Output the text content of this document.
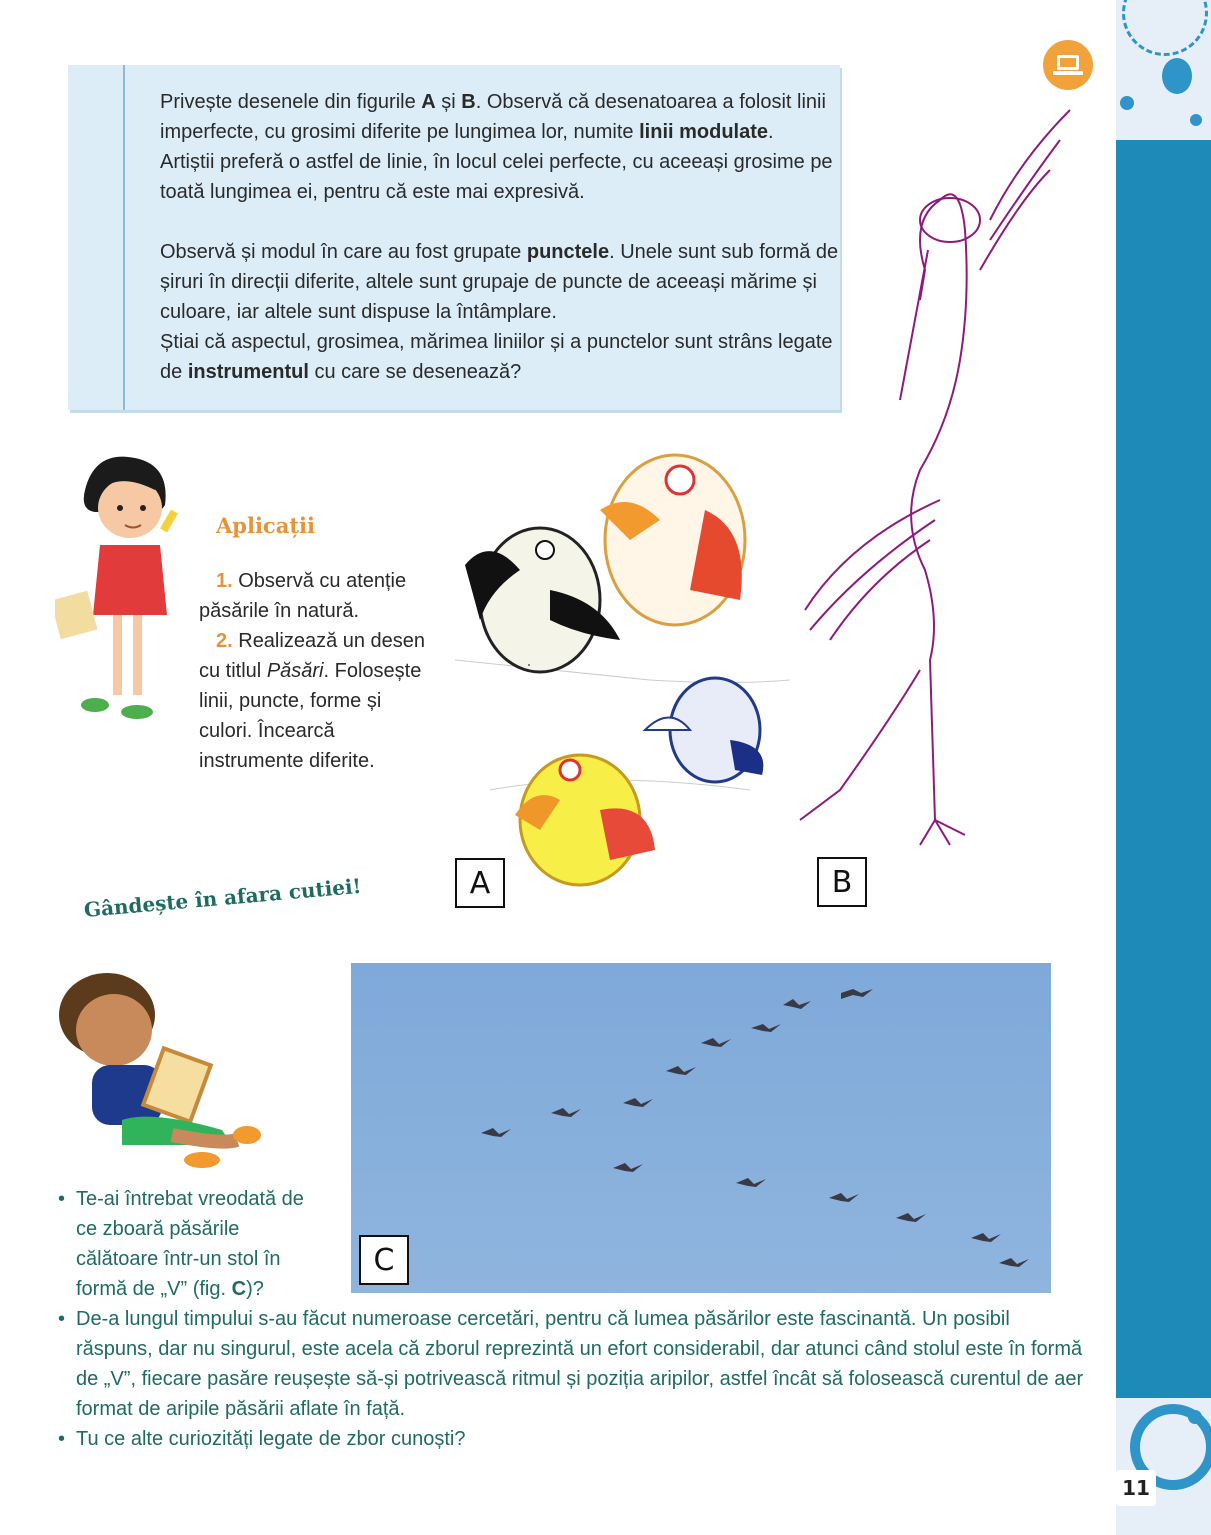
Privește desenele din figurile A și B. Observă că desenatoarea a folosit linii imperfecte, cu grosimi diferite pe lungimea lor, numite linii modulate.

Artiștii preferă o astfel de linie, în locul celei perfecte, cu aceeași grosime pe toată lungimea ei, pentru că este mai expresivă.

Observă și modul în care au fost grupate punctele. Unele sunt sub formă de șiruri în direcții diferite, altele sunt grupaje de puncte de aceeași mărime și culoare, iar altele sunt dispuse la întâmplare.

Știai că aspectul, grosimea, mărimea liniilor și a punctelor sunt strâns legate de instrumentul cu care se desenează?

Aplicații
1. Observă cu atenție păsările în natură.
2. Realizează un desen cu titlul Păsări. Folosește linii, puncte, forme și culori. Încearcă instrumente diferite.
A	B
Gândește în afara cutiei!
C
• Te-ai întrebat vreodată de ce zboară păsările călătoare într-un stol în formă de „V” (fig. C)?
• De-a lungul timpului s-au făcut numeroase cercetări, pentru că lumea păsărilor este fascinantă. Un posibil răspuns, dar nu singurul, este acela că zborul reprezintă un efort considerabil, dar atunci când stolul este în formă de „V”, fiecare pasăre reușește să-și potrivească ritmul și poziția aripilor, astfel încât să folosească curentul de aer format de aripile păsării aflate în față.
• Tu ce alte curiozități legate de zbor cunoști?
11
